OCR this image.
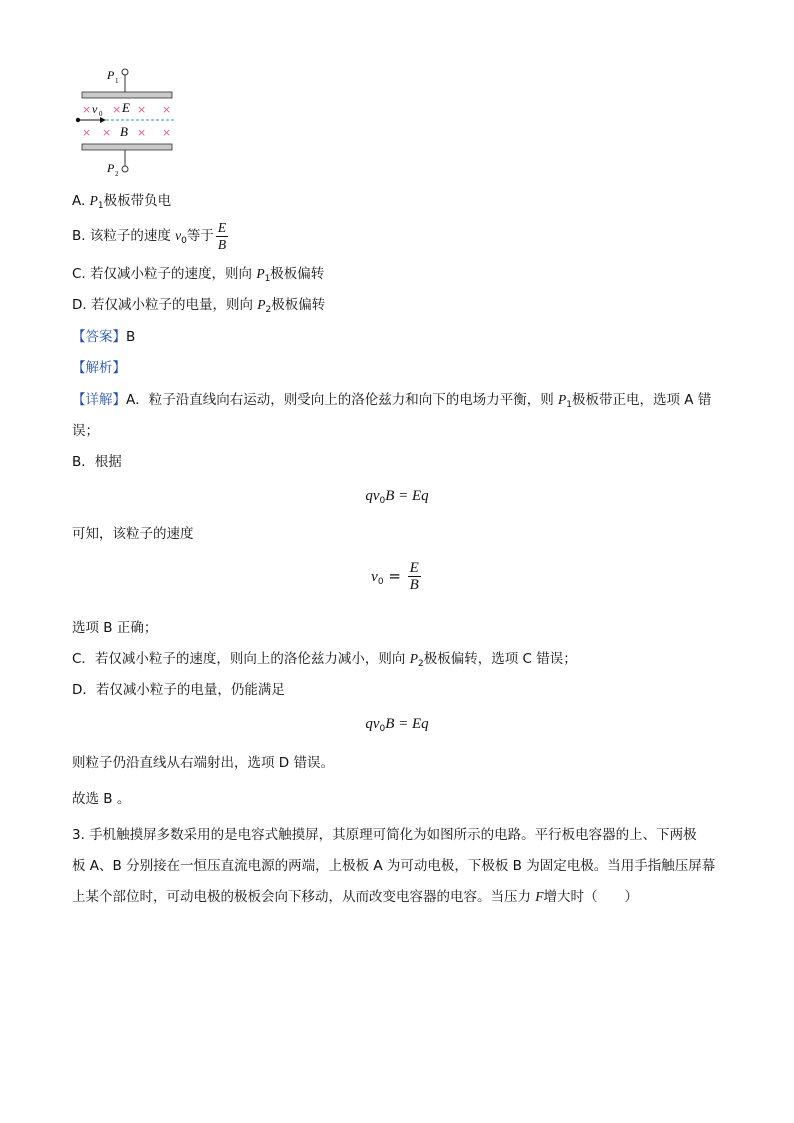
P 1
× × × ×
v 0 E
× × × ×
B
P 2
A. $P_1$极板带负电
B. 该粒子的速度 $v_0$等于 $\frac{E}{B}$
C. 若仅减小粒子的速度，则向 $P_1$极板偏转
D. 若仅减小粒子的电量，则向 $P_2$极板偏转
【答案】B
【解析】
【详解】A．粒子沿直线向右运动，则受向上的洛伦兹力和向下的电场力平衡，则 $P_1$极板带正电，选项 A 错
误；
B．根据
$qv_0B = Eq$
可知，该粒子的速度
$v_0 = \frac{E}{B}$
选项 B 正确；
C．若仅减小粒子的速度，则向上的洛伦兹力减小，则向 $P_2$极板偏转，选项 C 错误；
D．若仅减小粒子的电量，仍能满足
$qv_0B = Eq$
则粒子仍沿直线从右端射出，选项 D 错误。
故选 B 。
3. 手机触摸屏多数采用的是电容式触摸屏，其原理可简化为如图所示的电路。平行板电容器的上、下两极
板 A、B 分别接在一恒压直流电源的两端，上极板 A 为可动电极，下极板 B 为固定电极。当用手指触压屏幕
上某个部位时，可动电极的极板会向下移动，从而改变电容器的电容。当压力 F增大时（　　）
